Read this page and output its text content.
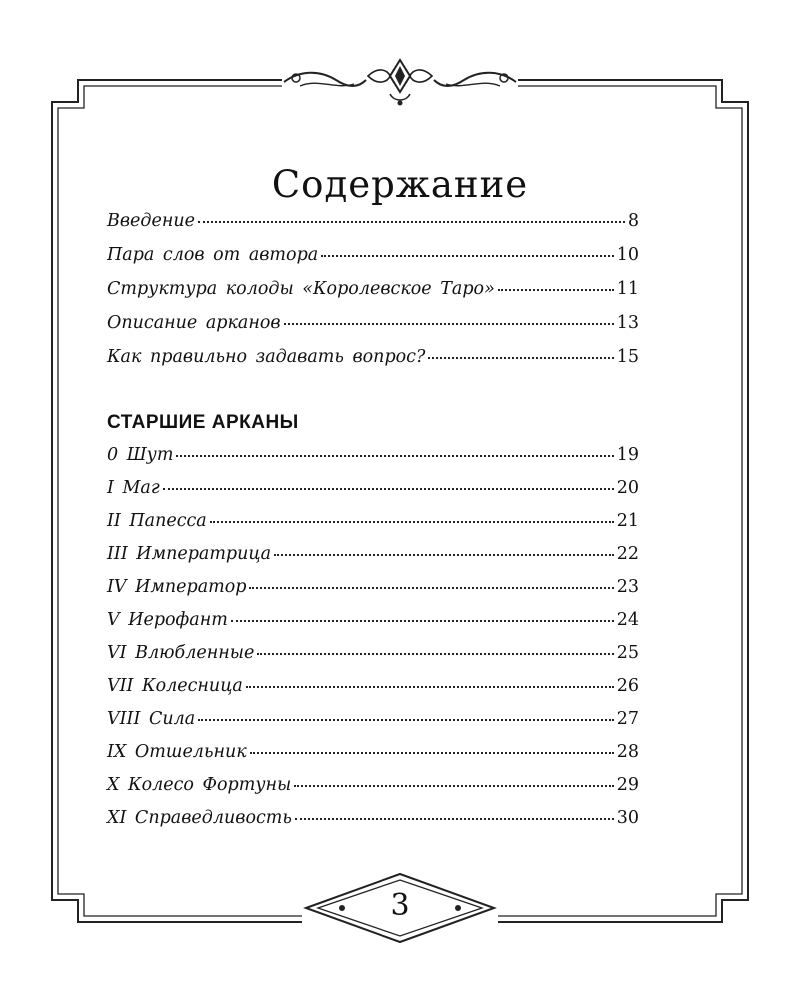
Содержание
Введение	8
Пара слов от автора	10
Структура колоды «Королевское Таро»	11
Описание арканов	13
Как правильно задавать вопрос?	15
СТАРШИЕ АРКАНЫ
0 Шут	19
I Маг	20
II Папесса	21
III Императрица	22
IV Император	23
V Иерофант	24
VI Влюбленные	25
VII Колесница	26
VIII Сила	27
IX Отшельник	28
X Колесо Фортуны	29
XI Справедливость	30
3
